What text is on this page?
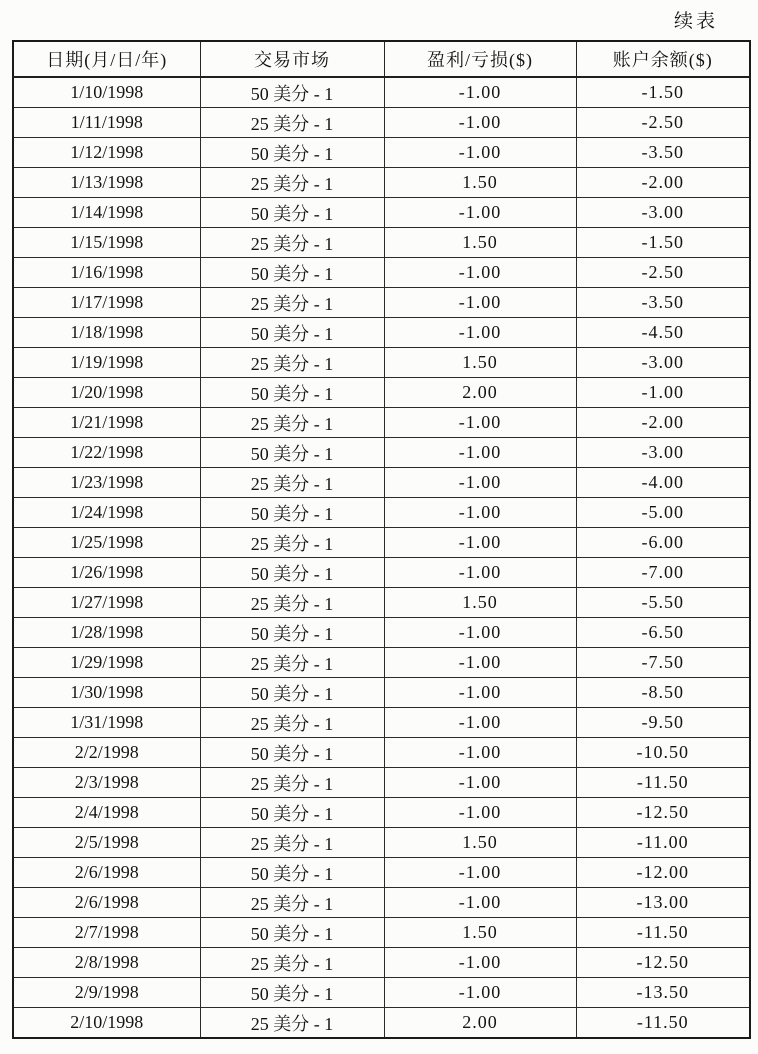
续表
日期(月/日/年)	交易市场	盈利/亏损($)	账户余额($)
1/10/1998	50 美分 - 1	-1.00	-1.50
1/11/1998	25 美分 - 1	-1.00	-2.50
1/12/1998	50 美分 - 1	-1.00	-3.50
1/13/1998	25 美分 - 1	1.50	-2.00
1/14/1998	50 美分 - 1	-1.00	-3.00
1/15/1998	25 美分 - 1	1.50	-1.50
1/16/1998	50 美分 - 1	-1.00	-2.50
1/17/1998	25 美分 - 1	-1.00	-3.50
1/18/1998	50 美分 - 1	-1.00	-4.50
1/19/1998	25 美分 - 1	1.50	-3.00
1/20/1998	50 美分 - 1	2.00	-1.00
1/21/1998	25 美分 - 1	-1.00	-2.00
1/22/1998	50 美分 - 1	-1.00	-3.00
1/23/1998	25 美分 - 1	-1.00	-4.00
1/24/1998	50 美分 - 1	-1.00	-5.00
1/25/1998	25 美分 - 1	-1.00	-6.00
1/26/1998	50 美分 - 1	-1.00	-7.00
1/27/1998	25 美分 - 1	1.50	-5.50
1/28/1998	50 美分 - 1	-1.00	-6.50
1/29/1998	25 美分 - 1	-1.00	-7.50
1/30/1998	50 美分 - 1	-1.00	-8.50
1/31/1998	25 美分 - 1	-1.00	-9.50
2/2/1998	50 美分 - 1	-1.00	-10.50
2/3/1998	25 美分 - 1	-1.00	-11.50
2/4/1998	50 美分 - 1	-1.00	-12.50
2/5/1998	25 美分 - 1	1.50	-11.00
2/6/1998	50 美分 - 1	-1.00	-12.00
2/6/1998	25 美分 - 1	-1.00	-13.00
2/7/1998	50 美分 - 1	1.50	-11.50
2/8/1998	25 美分 - 1	-1.00	-12.50
2/9/1998	50 美分 - 1	-1.00	-13.50
2/10/1998	25 美分 - 1	2.00	-11.50
